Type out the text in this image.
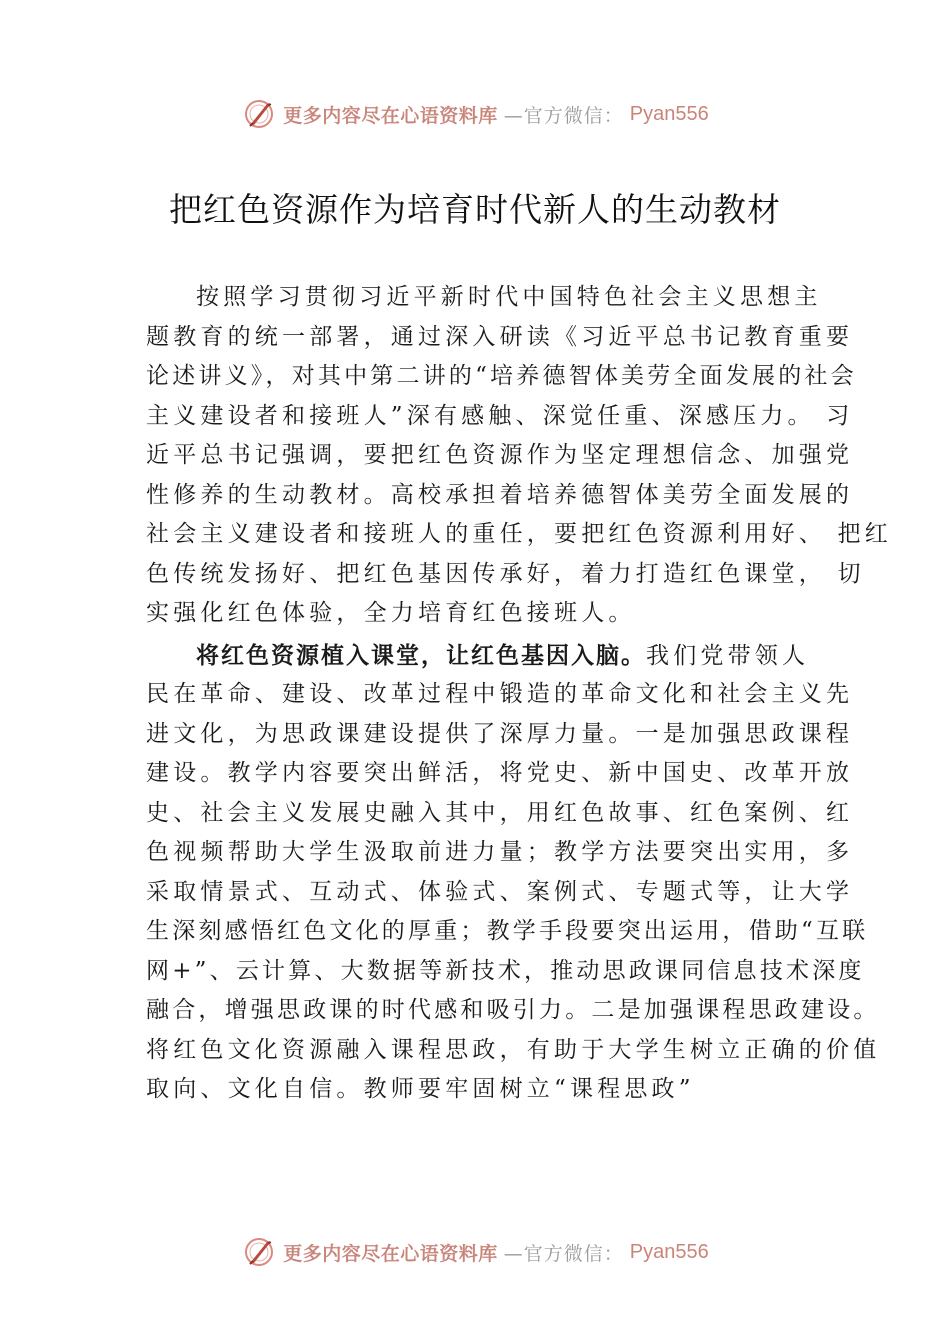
更多内容尽在心语资料库 —官方微信： Pyan556
把红色资源作为培育时代新人的生动教材
按照学习贯彻习近平新时代中国特色社会主义思想主
题教育的统一部署，通过深入研读《习近平总书记教育重要
论述讲义》，对其中第二讲的“培养德智体美劳全面发展的社会
主义建设者和接班人”深有感触、深觉任重、深感压力。 习
近平总书记强调，要把红色资源作为坚定理想信念、加强党
性修养的生动教材。高校承担着培养德智体美劳全面发展的
社会主义建设者和接班人的重任，要把红色资源利用好、 把红
色传统发扬好、把红色基因传承好，着力打造红色课堂， 切
实强化红色体验，全力培育红色接班人。
将红色资源植入课堂，让红色基因入脑。我们党带领人
民在革命、建设、改革过程中锻造的革命文化和社会主义先
进文化，为思政课建设提供了深厚力量。一是加强思政课程
建设。教学内容要突出鲜活，将党史、新中国史、改革开放
史、社会主义发展史融入其中，用红色故事、红色案例、红
色视频帮助大学生汲取前进力量；教学方法要突出实用，多
采取情景式、互动式、体验式、案例式、专题式等，让大学
生深刻感悟红色文化的厚重；教学手段要突出运用，借助“互联
网+”、云计算、大数据等新技术，推动思政课同信息技术深度
融合，增强思政课的时代感和吸引力。二是加强课程思政建设。
将红色文化资源融入课程思政，有助于大学生树立正确的价值
取向、文化自信。教师要牢固树立“课程思政”
更多内容尽在心语资料库 —官方微信： Pyan556
